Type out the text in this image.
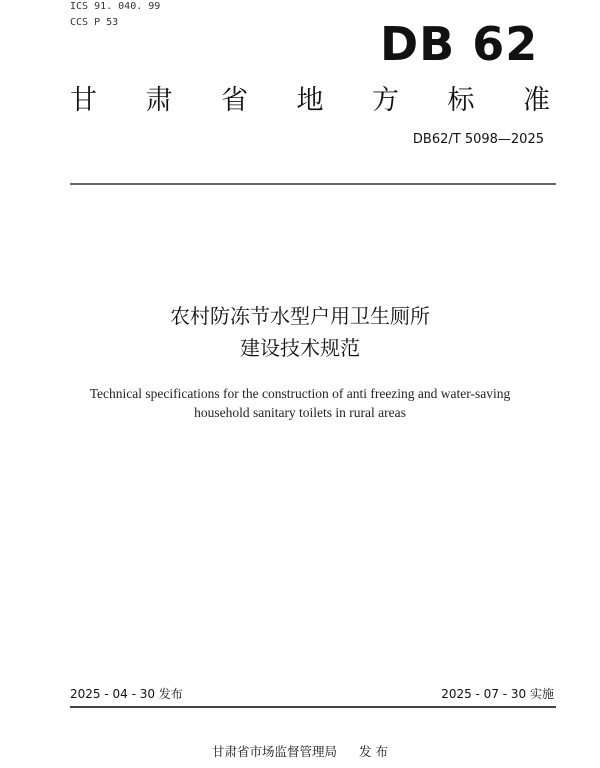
ICS 91. 040. 99
CCS P 53	DB 62
甘 肃 省 地 方 标 准
DB62/T 5098—2025
农村防冻节水型户用卫生厕所
建设技术规范
Technical specifications for the construction of anti freezing and water-saving
household sanitary toilets in rural areas
2025 - 04 - 30 发布	2025 - 07 - 30 实施
甘肃省市场监督管理局 发 布
